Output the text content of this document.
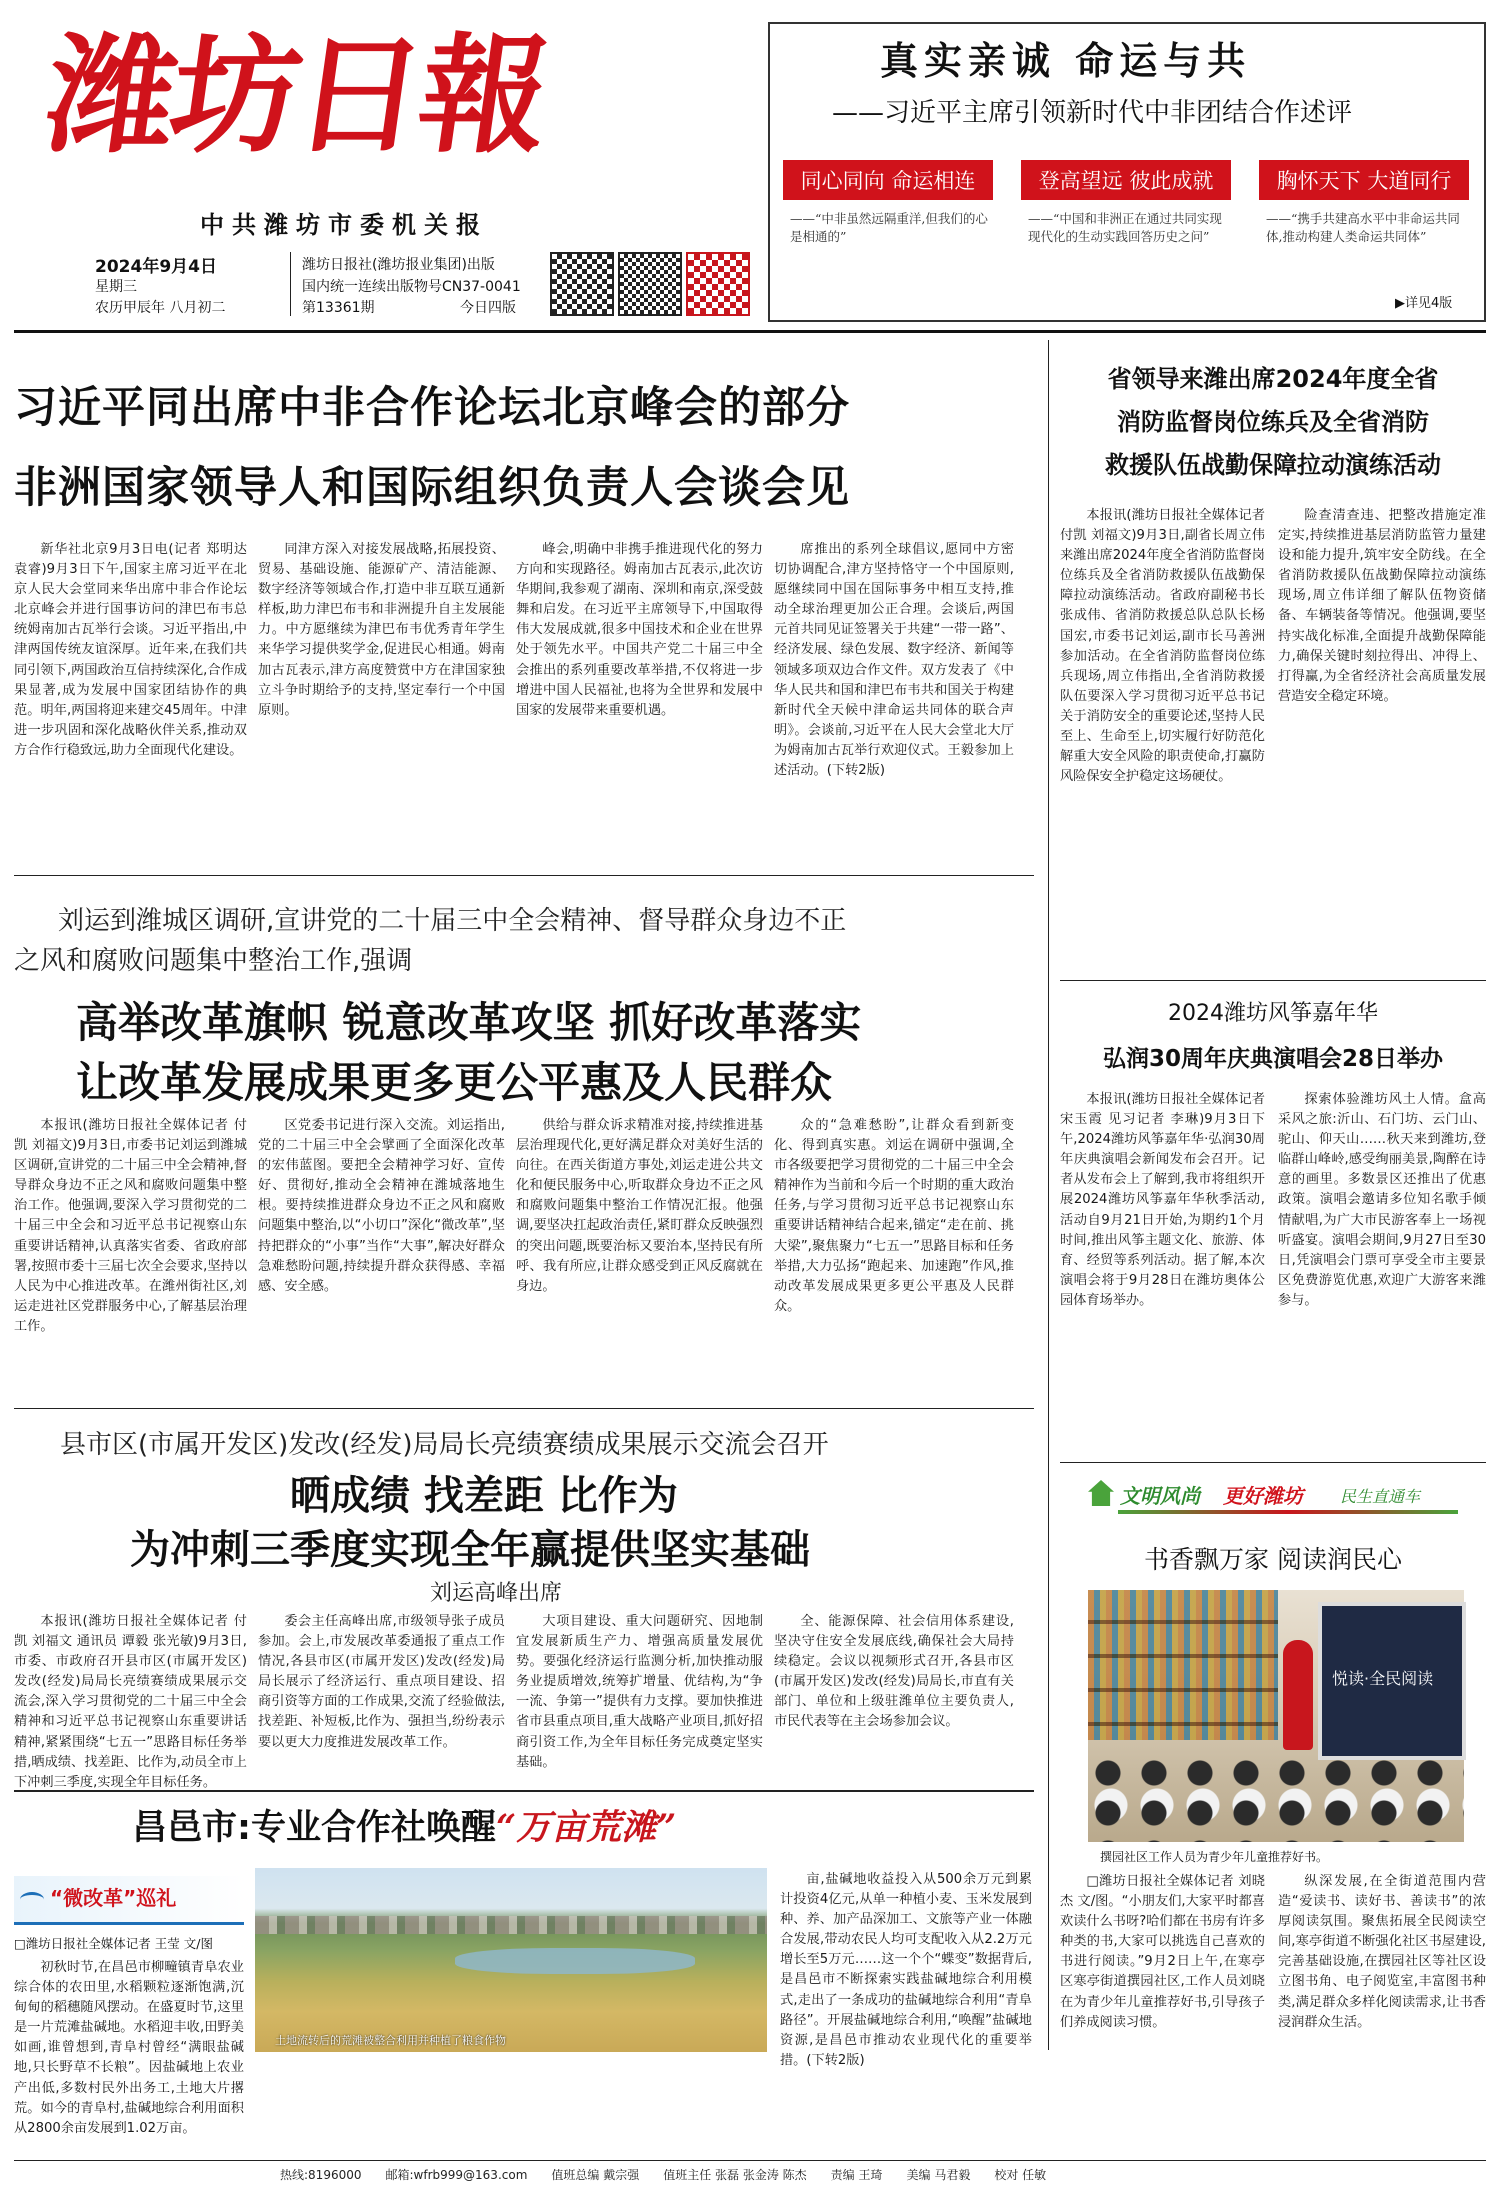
潍坊日報
中共潍坊市委机关报
2024年9月4日
星期三
农历甲辰年 八月初二
潍坊日报社(潍坊报业集团)出版
国内统一连续出版物号CN37-0041
第13361期	今日四版
真实亲诚 命运与共
——习近平主席引领新时代中非团结合作述评
同心同向 命运相连	登高望远 彼此成就	胸怀天下 大道同行
——“中非虽然远隔重洋,但我们的心是相通的”
——“中国和非洲正在通过共同实现现代化的生动实践回答历史之问”
——“携手共建高水平中非命运共同体,推动构建人类命运共同体”
▶详见4版
习近平同出席中非合作论坛北京峰会的部分
非洲国家领导人和国际组织负责人会谈会见

新华社北京9月3日电(记者 郑明达 袁睿)9月3日下午,国家主席习近平在北京人民大会堂同来华出席中非合作论坛北京峰会并进行国事访问的津巴布韦总统姆南加古瓦举行会谈。习近平指出,中津两国传统友谊深厚。近年来,在我们共同引领下,两国政治互信持续深化,合作成果显著,成为发展中国家团结协作的典范。明年,两国将迎来建交45周年。中津进一步巩固和深化战略伙伴关系,推动双方合作行稳致远,助力全面现代化建设。

同津方深入对接发展战略,拓展投资、贸易、基础设施、能源矿产、清洁能源、数字经济等领域合作,打造中非互联互通新样板,助力津巴布韦和非洲提升自主发展能力。中方愿继续为津巴布韦优秀青年学生来华学习提供奖学金,促进民心相通。姆南加古瓦表示,津方高度赞赏中方在津国家独立斗争时期给予的支持,坚定奉行一个中国原则。

峰会,明确中非携手推进现代化的努力方向和实现路径。姆南加古瓦表示,此次访华期间,我参观了湖南、深圳和南京,深受鼓舞和启发。在习近平主席领导下,中国取得伟大发展成就,很多中国技术和企业在世界处于领先水平。中国共产党二十届三中全会推出的系列重要改革举措,不仅将进一步增进中国人民福祉,也将为全世界和发展中国家的发展带来重要机遇。

席推出的系列全球倡议,愿同中方密切协调配合,津方坚持恪守一个中国原则,愿继续同中国在国际事务中相互支持,推动全球治理更加公正合理。会谈后,两国元首共同见证签署关于共建“一带一路”、经济发展、绿色发展、数字经济、新闻等领域多项双边合作文件。双方发表了《中华人民共和国和津巴布韦共和国关于构建新时代全天候中津命运共同体的联合声明》。会谈前,习近平在人民大会堂北大厅为姆南加古瓦举行欢迎仪式。王毅参加上述活动。(下转2版)

刘运到潍城区调研,宣讲党的二十届三中全会精神、督导群众身边不正
之风和腐败问题集中整治工作,强调
高举改革旗帜 锐意改革攻坚 抓好改革落实
让改革发展成果更多更公平惠及人民群众

本报讯(潍坊日报社全媒体记者 付凯 刘福文)9月3日,市委书记刘运到潍城区调研,宣讲党的二十届三中全会精神,督导群众身边不正之风和腐败问题集中整治工作。他强调,要深入学习贯彻党的二十届三中全会和习近平总书记视察山东重要讲话精神,认真落实省委、省政府部署,按照市委十三届七次全会要求,坚持以人民为中心推进改革。在潍州街社区,刘运走进社区党群服务中心,了解基层治理工作。

区党委书记进行深入交流。刘运指出,党的二十届三中全会擘画了全面深化改革的宏伟蓝图。要把全会精神学习好、宣传好、贯彻好,推动全会精神在潍城落地生根。要持续推进群众身边不正之风和腐败问题集中整治,以“小切口”深化“微改革”,坚持把群众的“小事”当作“大事”,解决好群众急难愁盼问题,持续提升群众获得感、幸福感、安全感。

供给与群众诉求精准对接,持续推进基层治理现代化,更好满足群众对美好生活的向往。在西关街道方事处,刘运走进公共文化和便民服务中心,听取群众身边不正之风和腐败问题集中整治工作情况汇报。他强调,要坚决扛起政治责任,紧盯群众反映强烈的突出问题,既要治标又要治本,坚持民有所呼、我有所应,让群众感受到正风反腐就在身边。

众的“急难愁盼”,让群众看到新变化、得到真实惠。刘运在调研中强调,全市各级要把学习贯彻党的二十届三中全会精神作为当前和今后一个时期的重大政治任务,与学习贯彻习近平总书记视察山东重要讲话精神结合起来,锚定“走在前、挑大梁”,聚焦聚力“七五一”思路目标和任务举措,大力弘扬“跑起来、加速跑”作风,推动改革发展成果更多更公平惠及人民群众。

县市区(市属开发区)发改(经发)局局长亮绩赛绩成果展示交流会召开
晒成绩 找差距 比作为
为冲刺三季度实现全年赢提供坚实基础
刘运高峰出席

本报讯(潍坊日报社全媒体记者 付凯 刘福文 通讯员 谭毅 张光敏)9月3日,市委、市政府召开县市区(市属开发区)发改(经发)局局长亮绩赛绩成果展示交流会,深入学习贯彻党的二十届三中全会精神和习近平总书记视察山东重要讲话精神,紧紧围绕“七五一”思路目标任务举措,晒成绩、找差距、比作为,动员全市上下冲刺三季度,实现全年目标任务。

委会主任高峰出席,市级领导张子成员参加。会上,市发展改革委通报了重点工作情况,各县市区(市属开发区)发改(经发)局局长展示了经济运行、重点项目建设、招商引资等方面的工作成果,交流了经验做法,找差距、补短板,比作为、强担当,纷纷表示要以更大力度推进发展改革工作。

大项目建设、重大问题研究、因地制宜发展新质生产力、增强高质量发展优势。要强化经济运行监测分析,加快推动服务业提质增效,统筹扩增量、优结构,为“争一流、争第一”提供有力支撑。要加快推进省市县重点项目,重大战略产业项目,抓好招商引资工作,为全年目标任务完成奠定坚实基础。

全、能源保障、社会信用体系建设,坚决守住安全发展底线,确保社会大局持续稳定。会议以视频形式召开,各县市区(市属开发区)发改(经发)局局长,市直有关部门、单位和上级驻潍单位主要负责人,市民代表等在主会场参加会议。

昌邑市:专业合作社唤醒“万亩荒滩”
“微改革”巡礼
□潍坊日报社全媒体记者 王莹 文/图

初秋时节,在昌邑市柳疃镇青阜农业综合体的农田里,水稻颗粒逐渐饱满,沉甸甸的稻穗随风摆动。在盛夏时节,这里是一片荒滩盐碱地。水稻迎丰收,田野美如画,谁曾想到,青阜村曾经“满眼盐碱地,只长野草不长粮”。因盐碱地上农业产出低,多数村民外出务工,土地大片撂荒。如今的青阜村,盐碱地综合利用面积从2800余亩发展到1.02万亩。

土地流转后的荒滩被整合利用并种植了粮食作物

亩,盐碱地收益投入从500余万元到累计投资4亿元,从单一种植小麦、玉米发展到种、养、加产品深加工、文旅等产业一体融合发展,带动农民人均可支配收入从2.2万元增长至5万元……这一个个“蝶变”数据背后,是昌邑市不断探索实践盐碱地综合利用模式,走出了一条成功的盐碱地综合利用“青阜路径”。开展盐碱地综合利用,“唤醒”盐碱地资源,是昌邑市推动农业现代化的重要举措。(下转2版)

省领导来潍出席2024年度全省
消防监督岗位练兵及全省消防
救援队伍战勤保障拉动演练活动

本报讯(潍坊日报社全媒体记者 付凯 刘福文)9月3日,副省长周立伟来潍出席2024年度全省消防监督岗位练兵及全省消防救援队伍战勤保障拉动演练活动。省政府副秘书长张成伟、省消防救援总队总队长杨国宏,市委书记刘运,副市长马善洲参加活动。在全省消防监督岗位练兵现场,周立伟指出,全省消防救援队伍要深入学习贯彻习近平总书记关于消防安全的重要论述,坚持人民至上、生命至上,切实履行好防范化解重大安全风险的职责使命,打赢防风险保安全护稳定这场硬仗。

险查清查违、把整改措施定准定实,持续推进基层消防监管力量建设和能力提升,筑牢安全防线。在全省消防救援队伍战勤保障拉动演练现场,周立伟详细了解队伍物资储备、车辆装备等情况。他强调,要坚持实战化标准,全面提升战勤保障能力,确保关键时刻拉得出、冲得上、打得赢,为全省经济社会高质量发展营造安全稳定环境。

2024潍坊风筝嘉年华
弘润30周年庆典演唱会28日举办

本报讯(潍坊日报社全媒体记者 宋玉霞 见习记者 李琳)9月3日下午,2024潍坊风筝嘉年华·弘润30周年庆典演唱会新闻发布会召开。记者从发布会上了解到,我市将组织开展2024潍坊风筝嘉年华秋季活动,活动自9月21日开始,为期约1个月时间,推出风筝主题文化、旅游、体育、经贸等系列活动。据了解,本次演唱会将于9月28日在潍坊奥体公园体育场举办。

探索体验潍坊风土人情。盒高采风之旅:沂山、石门坊、云门山、驼山、仰天山……秋天来到潍坊,登临群山峰岭,感受绚丽美景,陶醉在诗意的画里。多数景区还推出了优惠政策。演唱会邀请多位知名歌手倾情献唱,为广大市民游客奉上一场视听盛宴。演唱会期间,9月27日至30日,凭演唱会门票可享受全市主要景区免费游览优惠,欢迎广大游客来潍参与。

文明风尚 更好潍坊 民生直通车
书香飘万家 阅读润民心
悦读·全民阅读
撰园社区工作人员为青少年儿童推荐好书。

□潍坊日报社全媒体记者 刘晓杰 文/图。“小朋友们,大家平时都喜欢读什么书呀?哈们都在书房有许多种类的书,大家可以挑选自己喜欢的书进行阅读。”9月2日上午,在寒亭区寒亭街道撰园社区,工作人员刘晓在为青少年儿童推荐好书,引导孩子们养成阅读习惯。

纵深发展,在全街道范围内营造“爱读书、读好书、善读书”的浓厚阅读氛围。聚焦拓展全民阅读空间,寒亭街道不断强化社区书屋建设,完善基础设施,在撰园社区等社区设立图书角、电子阅览室,丰富图书种类,满足群众多样化阅读需求,让书香浸润群众生活。

热线:8196000 邮箱:wfrb999@163.com 值班总编 戴宗强 值班主任 张磊 张金涛 陈杰 责编 王琦 美编 马君毅 校对 任敏
